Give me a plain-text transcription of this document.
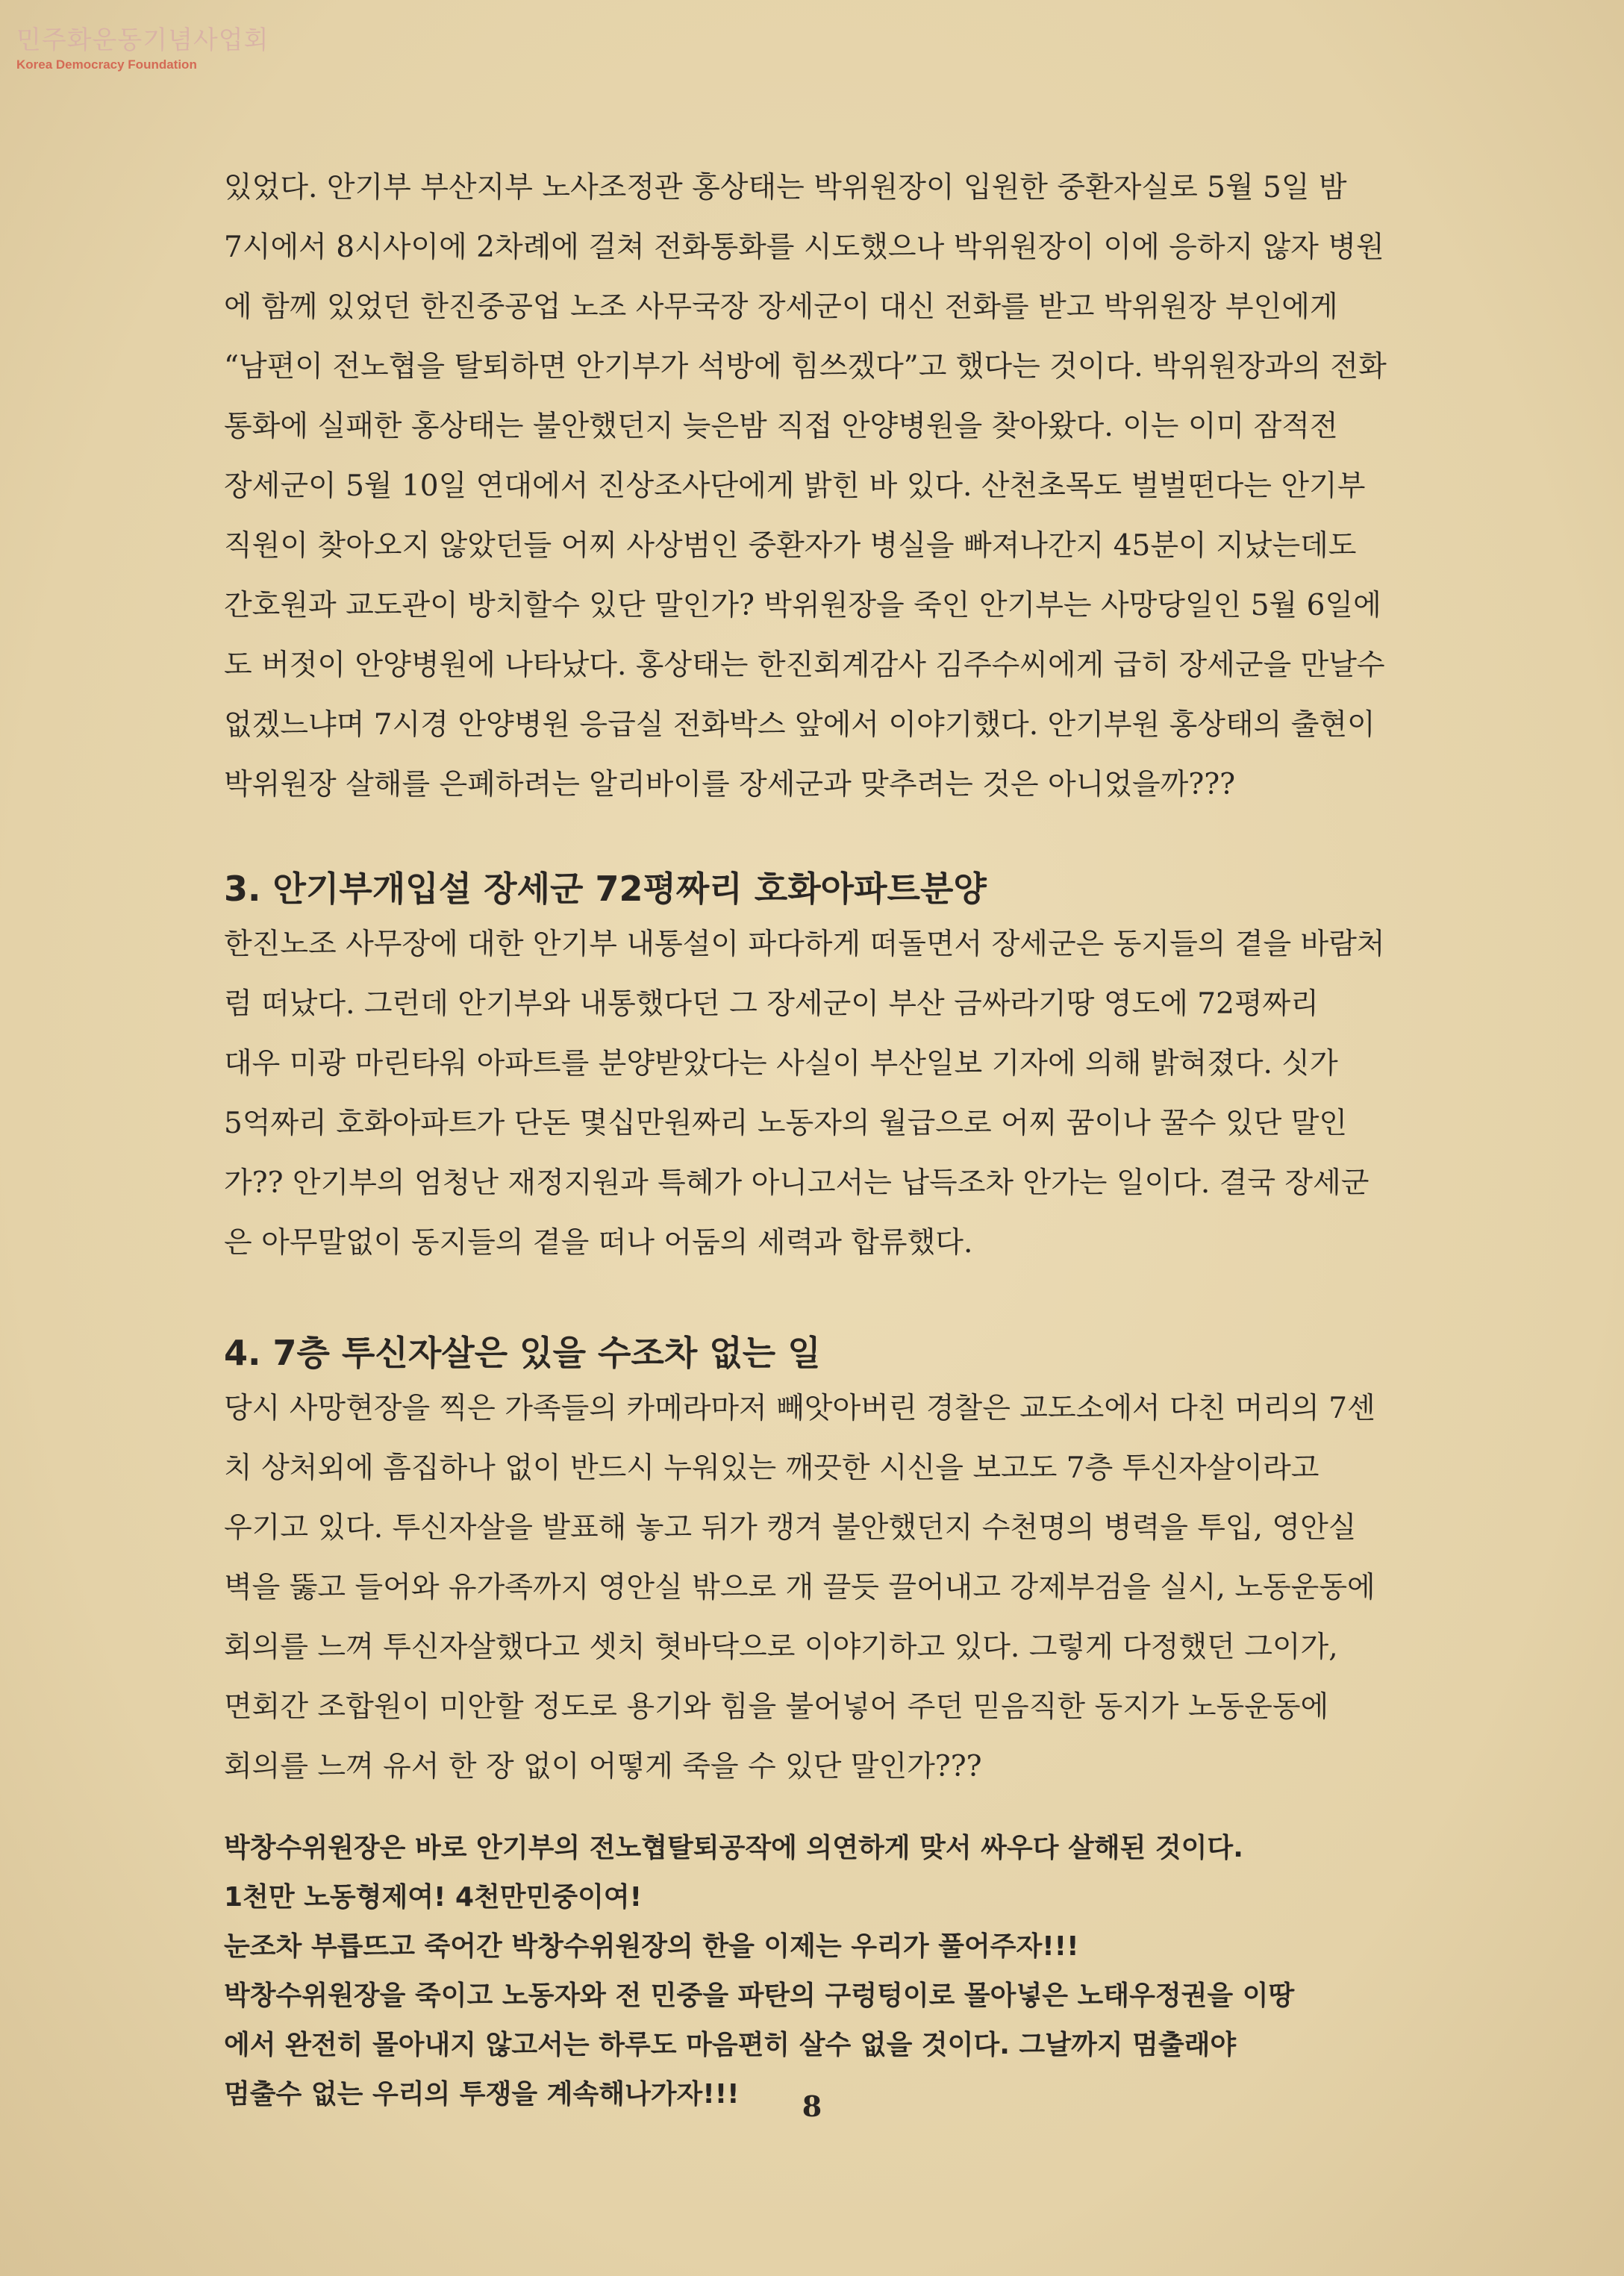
민주화운동기념사업회
Korea Democracy Foundation

있었다. 안기부 부산지부 노사조정관 홍상태는 박위원장이 입원한 중환자실로 5월 5일 밤

7시에서 8시사이에 2차례에 걸쳐 전화통화를 시도했으나 박위원장이 이에 응하지 않자 병원

에 함께 있었던 한진중공업 노조 사무국장 장세군이 대신 전화를 받고 박위원장 부인에게

“남편이 전노협을 탈퇴하면 안기부가 석방에 힘쓰겠다”고 했다는 것이다. 박위원장과의 전화

통화에 실패한 홍상태는 불안했던지 늦은밤 직접 안양병원을 찾아왔다. 이는 이미 잠적전

장세군이 5월 10일 연대에서 진상조사단에게 밝힌 바 있다. 산천초목도 벌벌떤다는 안기부

직원이 찾아오지 않았던들 어찌 사상범인 중환자가 병실을 빠져나간지 45분이 지났는데도

간호원과 교도관이 방치할수 있단 말인가? 박위원장을 죽인 안기부는 사망당일인 5월 6일에

도 버젓이 안양병원에 나타났다. 홍상태는 한진회계감사 김주수씨에게 급히 장세군을 만날수

없겠느냐며 7시경 안양병원 응급실 전화박스 앞에서 이야기했다. 안기부원 홍상태의 출현이

박위원장 살해를 은폐하려는 알리바이를 장세군과 맞추려는 것은 아니었을까???

3. 안기부개입설 장세군 72평짜리 호화아파트분양

한진노조 사무장에 대한 안기부 내통설이 파다하게 떠돌면서 장세군은 동지들의 곁을 바람처

럼 떠났다. 그런데 안기부와 내통했다던 그 장세군이 부산 금싸라기땅 영도에 72평짜리

대우 미광 마린타워 아파트를 분양받았다는 사실이 부산일보 기자에 의해 밝혀졌다. 싯가

5억짜리 호화아파트가 단돈 몇십만원짜리 노동자의 월급으로 어찌 꿈이나 꿀수 있단 말인

가?? 안기부의 엄청난 재정지원과 특혜가 아니고서는 납득조차 안가는 일이다. 결국 장세군

은 아무말없이 동지들의 곁을 떠나 어둠의 세력과 합류했다.

4. 7층 투신자살은 있을 수조차 없는 일

당시 사망현장을 찍은 가족들의 카메라마저 빼앗아버린 경찰은 교도소에서 다친 머리의 7센

치 상처외에 흠집하나 없이 반드시 누워있는 깨끗한 시신을 보고도 7층 투신자살이라고

우기고 있다. 투신자살을 발표해 놓고 뒤가 캥겨 불안했던지 수천명의 병력을 투입, 영안실

벽을 뚫고 들어와 유가족까지 영안실 밖으로 개 끌듯 끌어내고 강제부검을 실시, 노동운동에

회의를 느껴 투신자살했다고 셋치 혓바닥으로 이야기하고 있다. 그렇게 다정했던 그이가,

면회간 조합원이 미안할 정도로 용기와 힘을 불어넣어 주던 믿음직한 동지가 노동운동에

회의를 느껴 유서 한 장 없이 어떻게 죽을 수 있단 말인가???

박창수위원장은 바로 안기부의 전노협탈퇴공작에 의연하게 맞서 싸우다 살해된 것이다.

1천만 노동형제여! 4천만민중이여!

눈조차 부릅뜨고 죽어간 박창수위원장의 한을 이제는 우리가 풀어주자!!!

박창수위원장을 죽이고 노동자와 전 민중을 파탄의 구렁텅이로 몰아넣은 노태우정권을 이땅

에서 완전히 몰아내지 않고서는 하루도 마음편히 살수 없을 것이다. 그날까지 멈출래야

멈출수 없는 우리의 투쟁을 계속해나가자!!!	8
